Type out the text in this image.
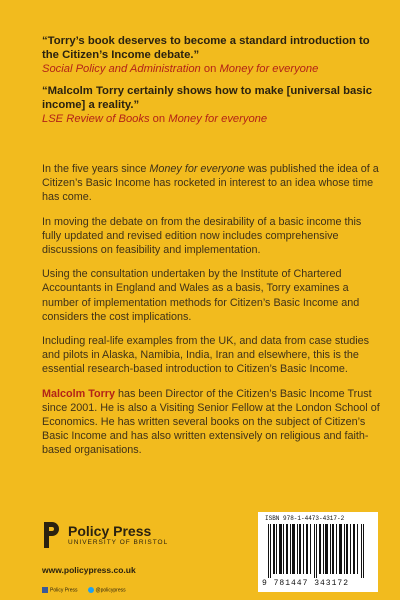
“Torry’s book deserves to become a standard introduction to the Citizen’s Income debate.”
Social Policy and Administration on Money for everyone
“Malcolm Torry certainly shows how to make [universal basic income] a reality.”
LSE Review of Books on Money for everyone

In the five years since Money for everyone was published the idea of a Citizen’s Basic Income has rocketed in interest to an idea whose time has come.

In moving the debate on from the desirability of a basic income this fully updated and revised edition now includes comprehensive discussions on feasibility and implementation.

Using the consultation undertaken by the Institute of Chartered Accountants in England and Wales as a basis, Torry examines a number of implementation methods for Citizen’s Basic Income and considers the cost implications.

Including real-life examples from the UK, and data from case studies and pilots in Alaska, Namibia, India, Iran and elsewhere, this is the essential research-based introduction to Citizen’s Basic Income.

Malcolm Torry has been Director of the Citizen’s Basic Income Trust since 2001. He is also a Visiting Senior Fellow at the London School of Economics. He has written several books on the subject of Citizen’s Basic Income and has also written extensively on religious and faith-based organisations.

Policy Press
UNIVERSITY OF BRISTOL
www.policypress.co.uk
Policy Press	@policypress
ISBN 978-1-4473-4317-2
9 781447 343172
